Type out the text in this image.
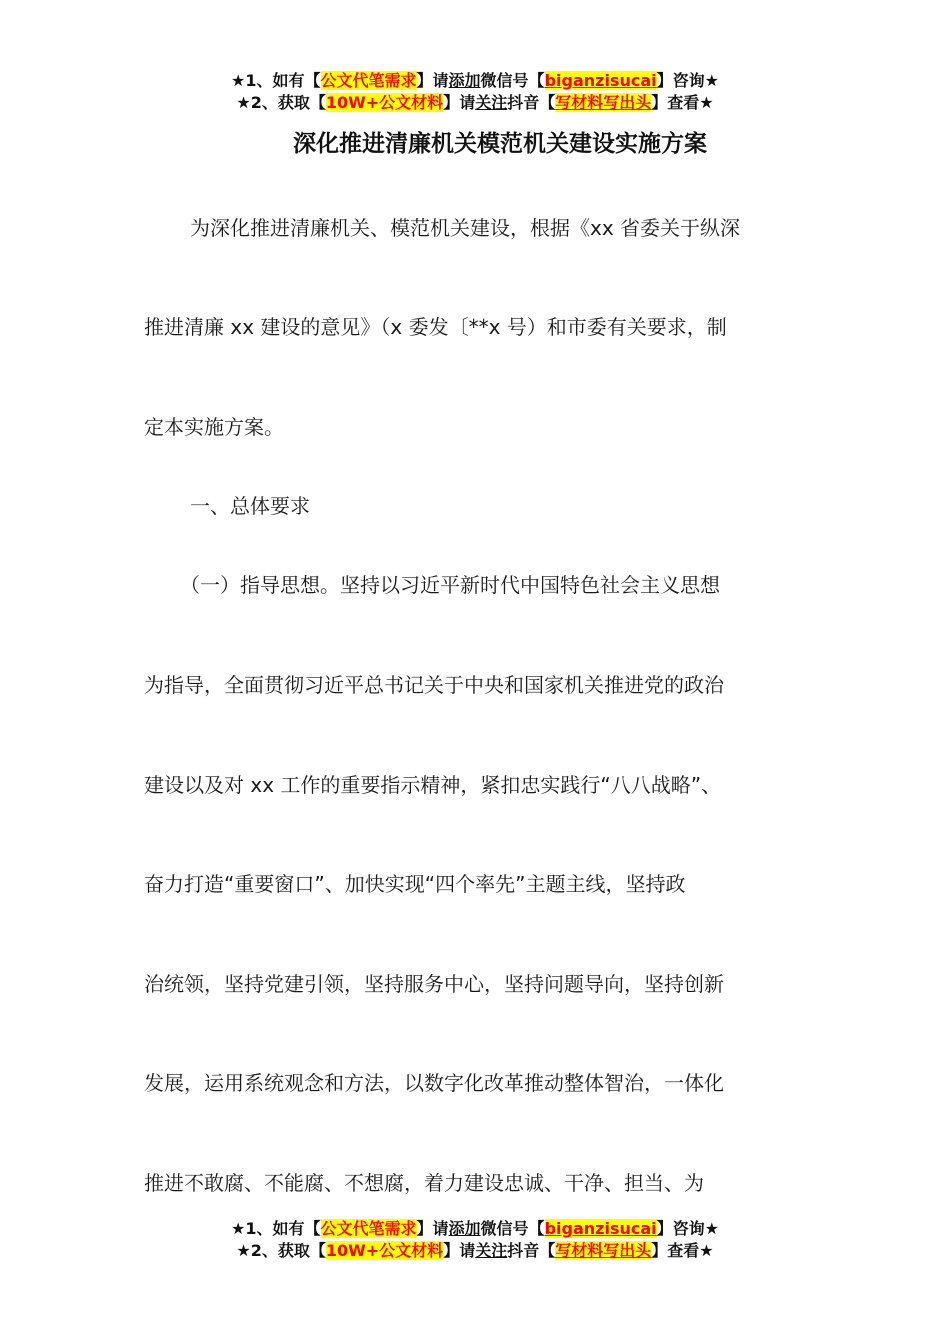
★1、如有【公文代笔需求】请添加微信号【biganzisucai】咨询★
★2、获取【10W+公文材料】请关注抖音【写材料写出头】查看★
深化推进清廉机关模范机关建设实施方案
为深化推进清廉机关、模范机关建设，根据《xx 省委关于纵深
推进清廉 xx 建设的意见》（x 委发〔**x 号）和市委有关要求，制
定本实施方案。
一、总体要求
（一）指导思想。坚持以习近平新时代中国特色社会主义思想
为指导，全面贯彻习近平总书记关于中央和国家机关推进党的政治
建设以及对 xx 工作的重要指示精神，紧扣忠实践行“八八战略”、
奋力打造“重要窗口”、加快实现“四个率先”主题主线，坚持政
治统领，坚持党建引领，坚持服务中心，坚持问题导向，坚持创新
发展，运用系统观念和方法，以数字化改革推动整体智治，一体化
推进不敢腐、不能腐、不想腐，着力建设忠诚、干净、担当、为
★1、如有【公文代笔需求】请添加微信号【biganzisucai】咨询★
★2、获取【10W+公文材料】请关注抖音【写材料写出头】查看★
